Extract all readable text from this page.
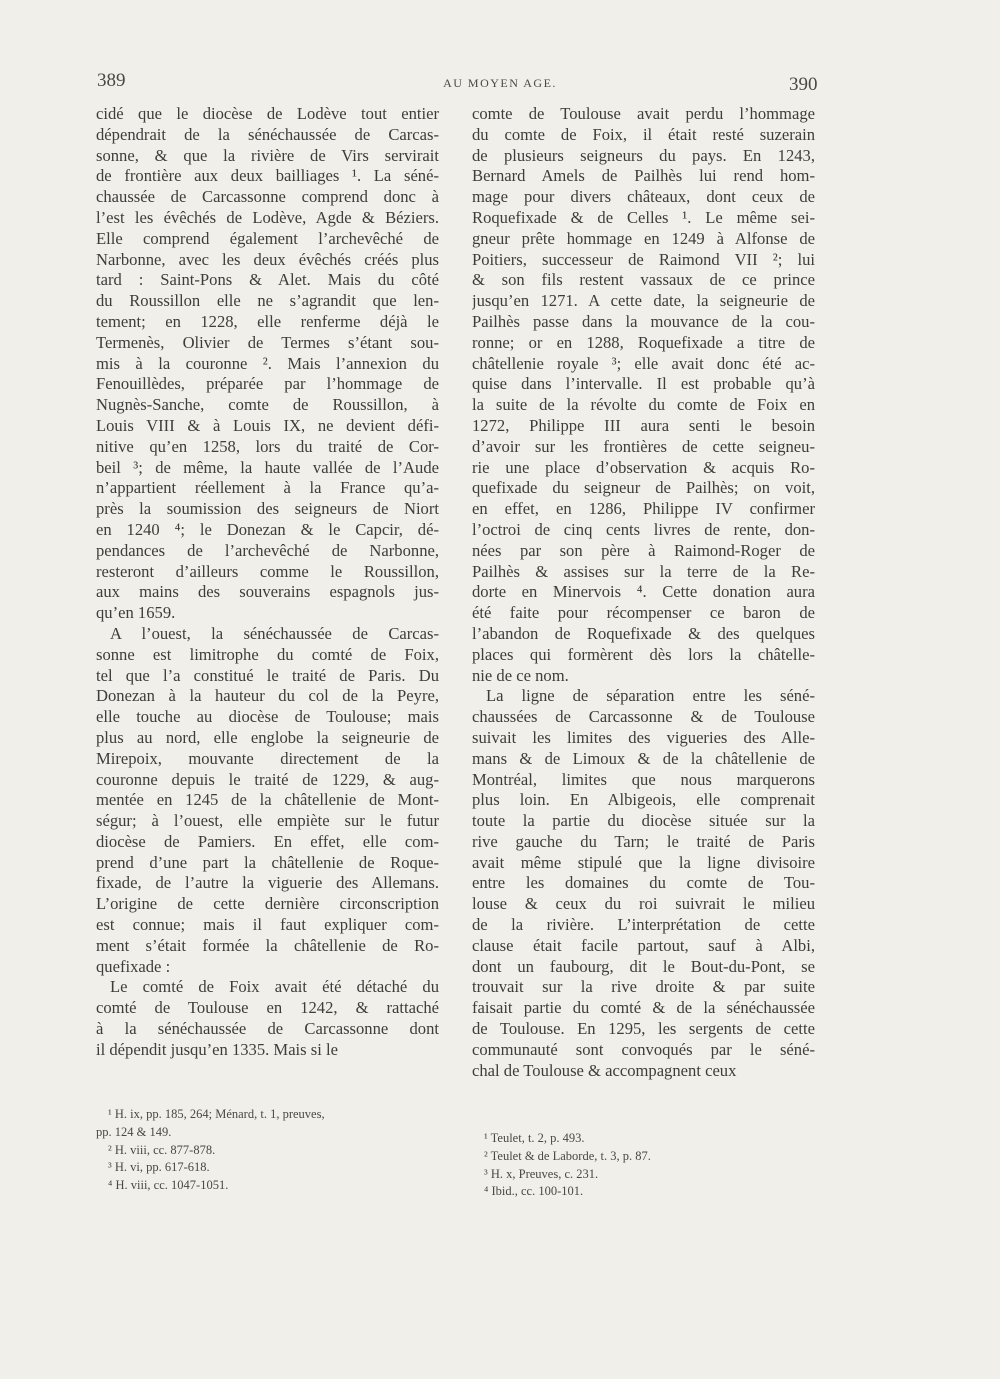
389	AU MOYEN AGE.	390
cidé que le diocèse de Lodève tout entier
dépendrait de la sénéchaussée de Carcas-
sonne, & que la rivière de Virs servirait
de frontière aux deux bailliages ¹. La séné-
chaussée de Carcassonne comprend donc à
l’est les évêchés de Lodève, Agde & Béziers.
Elle comprend également l’archevêché de
Narbonne, avec les deux évêchés créés plus
tard : Saint-Pons & Alet. Mais du côté
du Roussillon elle ne s’agrandit que len-
tement; en 1228, elle renferme déjà le
Termenès, Olivier de Termes s’étant sou-
mis à la couronne ². Mais l’annexion du
Fenouillèdes, préparée par l’hommage de
Nugnès-Sanche, comte de Roussillon, à
Louis VIII & à Louis IX, ne devient défi-
nitive qu’en 1258, lors du traité de Cor-
beil ³; de même, la haute vallée de l’Aude
n’appartient réellement à la France qu’a-
près la soumission des seigneurs de Niort
en 1240 ⁴; le Donezan & le Capcir, dé-
pendances de l’archevêché de Narbonne,
resteront d’ailleurs comme le Roussillon,
aux mains des souverains espagnols jus-
qu’en 1659.
A l’ouest, la sénéchaussée de Carcas-
sonne est limitrophe du comté de Foix,
tel que l’a constitué le traité de Paris. Du
Donezan à la hauteur du col de la Peyre,
elle touche au diocèse de Toulouse; mais
plus au nord, elle englobe la seigneurie de
Mirepoix, mouvante directement de la
couronne depuis le traité de 1229, & aug-
mentée en 1245 de la châtellenie de Mont-
ségur; à l’ouest, elle empiète sur le futur
diocèse de Pamiers. En effet, elle com-
prend d’une part la châtellenie de Roque-
fixade, de l’autre la viguerie des Allemans.
L’origine de cette dernière circonscription
est connue; mais il faut expliquer com-
ment s’était formée la châtellenie de Ro-
quefixade :
Le comté de Foix avait été détaché du
comté de Toulouse en 1242, & rattaché
à la sénéchaussée de Carcassonne dont
il dépendit jusqu’en 1335. Mais si le
comte de Toulouse avait perdu l’hommage
du comte de Foix, il était resté suzerain
de plusieurs seigneurs du pays. En 1243,
Bernard Amels de Pailhès lui rend hom-
mage pour divers châteaux, dont ceux de
Roquefixade & de Celles ¹. Le même sei-
gneur prête hommage en 1249 à Alfonse de
Poitiers, successeur de Raimond VII ²; lui
& son fils restent vassaux de ce prince
jusqu’en 1271. A cette date, la seigneurie de
Pailhès passe dans la mouvance de la cou-
ronne; or en 1288, Roquefixade a titre de
châtellenie royale ³; elle avait donc été ac-
quise dans l’intervalle. Il est probable qu’à
la suite de la révolte du comte de Foix en
1272, Philippe III aura senti le besoin
d’avoir sur les frontières de cette seigneu-
rie une place d’observation & acquis Ro-
quefixade du seigneur de Pailhès; on voit,
en effet, en 1286, Philippe IV confirmer
l’octroi de cinq cents livres de rente, don-
nées par son père à Raimond-Roger de
Pailhès & assises sur la terre de la Re-
dorte en Minervois ⁴. Cette donation aura
été faite pour récompenser ce baron de
l’abandon de Roquefixade & des quelques
places qui formèrent dès lors la châtelle-
nie de ce nom.
La ligne de séparation entre les séné-
chaussées de Carcassonne & de Toulouse
suivait les limites des vigueries des Alle-
mans & de Limoux & de la châtellenie de
Montréal, limites que nous marquerons
plus loin. En Albigeois, elle comprenait
toute la partie du diocèse située sur la
rive gauche du Tarn; le traité de Paris
avait même stipulé que la ligne divisoire
entre les domaines du comte de Tou-
louse & ceux du roi suivrait le milieu
de la rivière. L’interprétation de cette
clause était facile partout, sauf à Albi,
dont un faubourg, dit le Bout-du-Pont, se
trouvait sur la rive droite & par suite
faisait partie du comté & de la sénéchaussée
de Toulouse. En 1295, les sergents de cette
communauté sont convoqués par le séné-
chal de Toulouse & accompagnent ceux
¹ H. ix, pp. 185, 264; Ménard, t. 1, preuves,
pp. 124 & 149.
² H. viii, cc. 877-878.
³ H. vi, pp. 617-618.
⁴ H. viii, cc. 1047-1051.
¹ Teulet, t. 2, p. 493.
² Teulet & de Laborde, t. 3, p. 87.
³ H. x, Preuves, c. 231.
⁴ Ibid., cc. 100-101.
